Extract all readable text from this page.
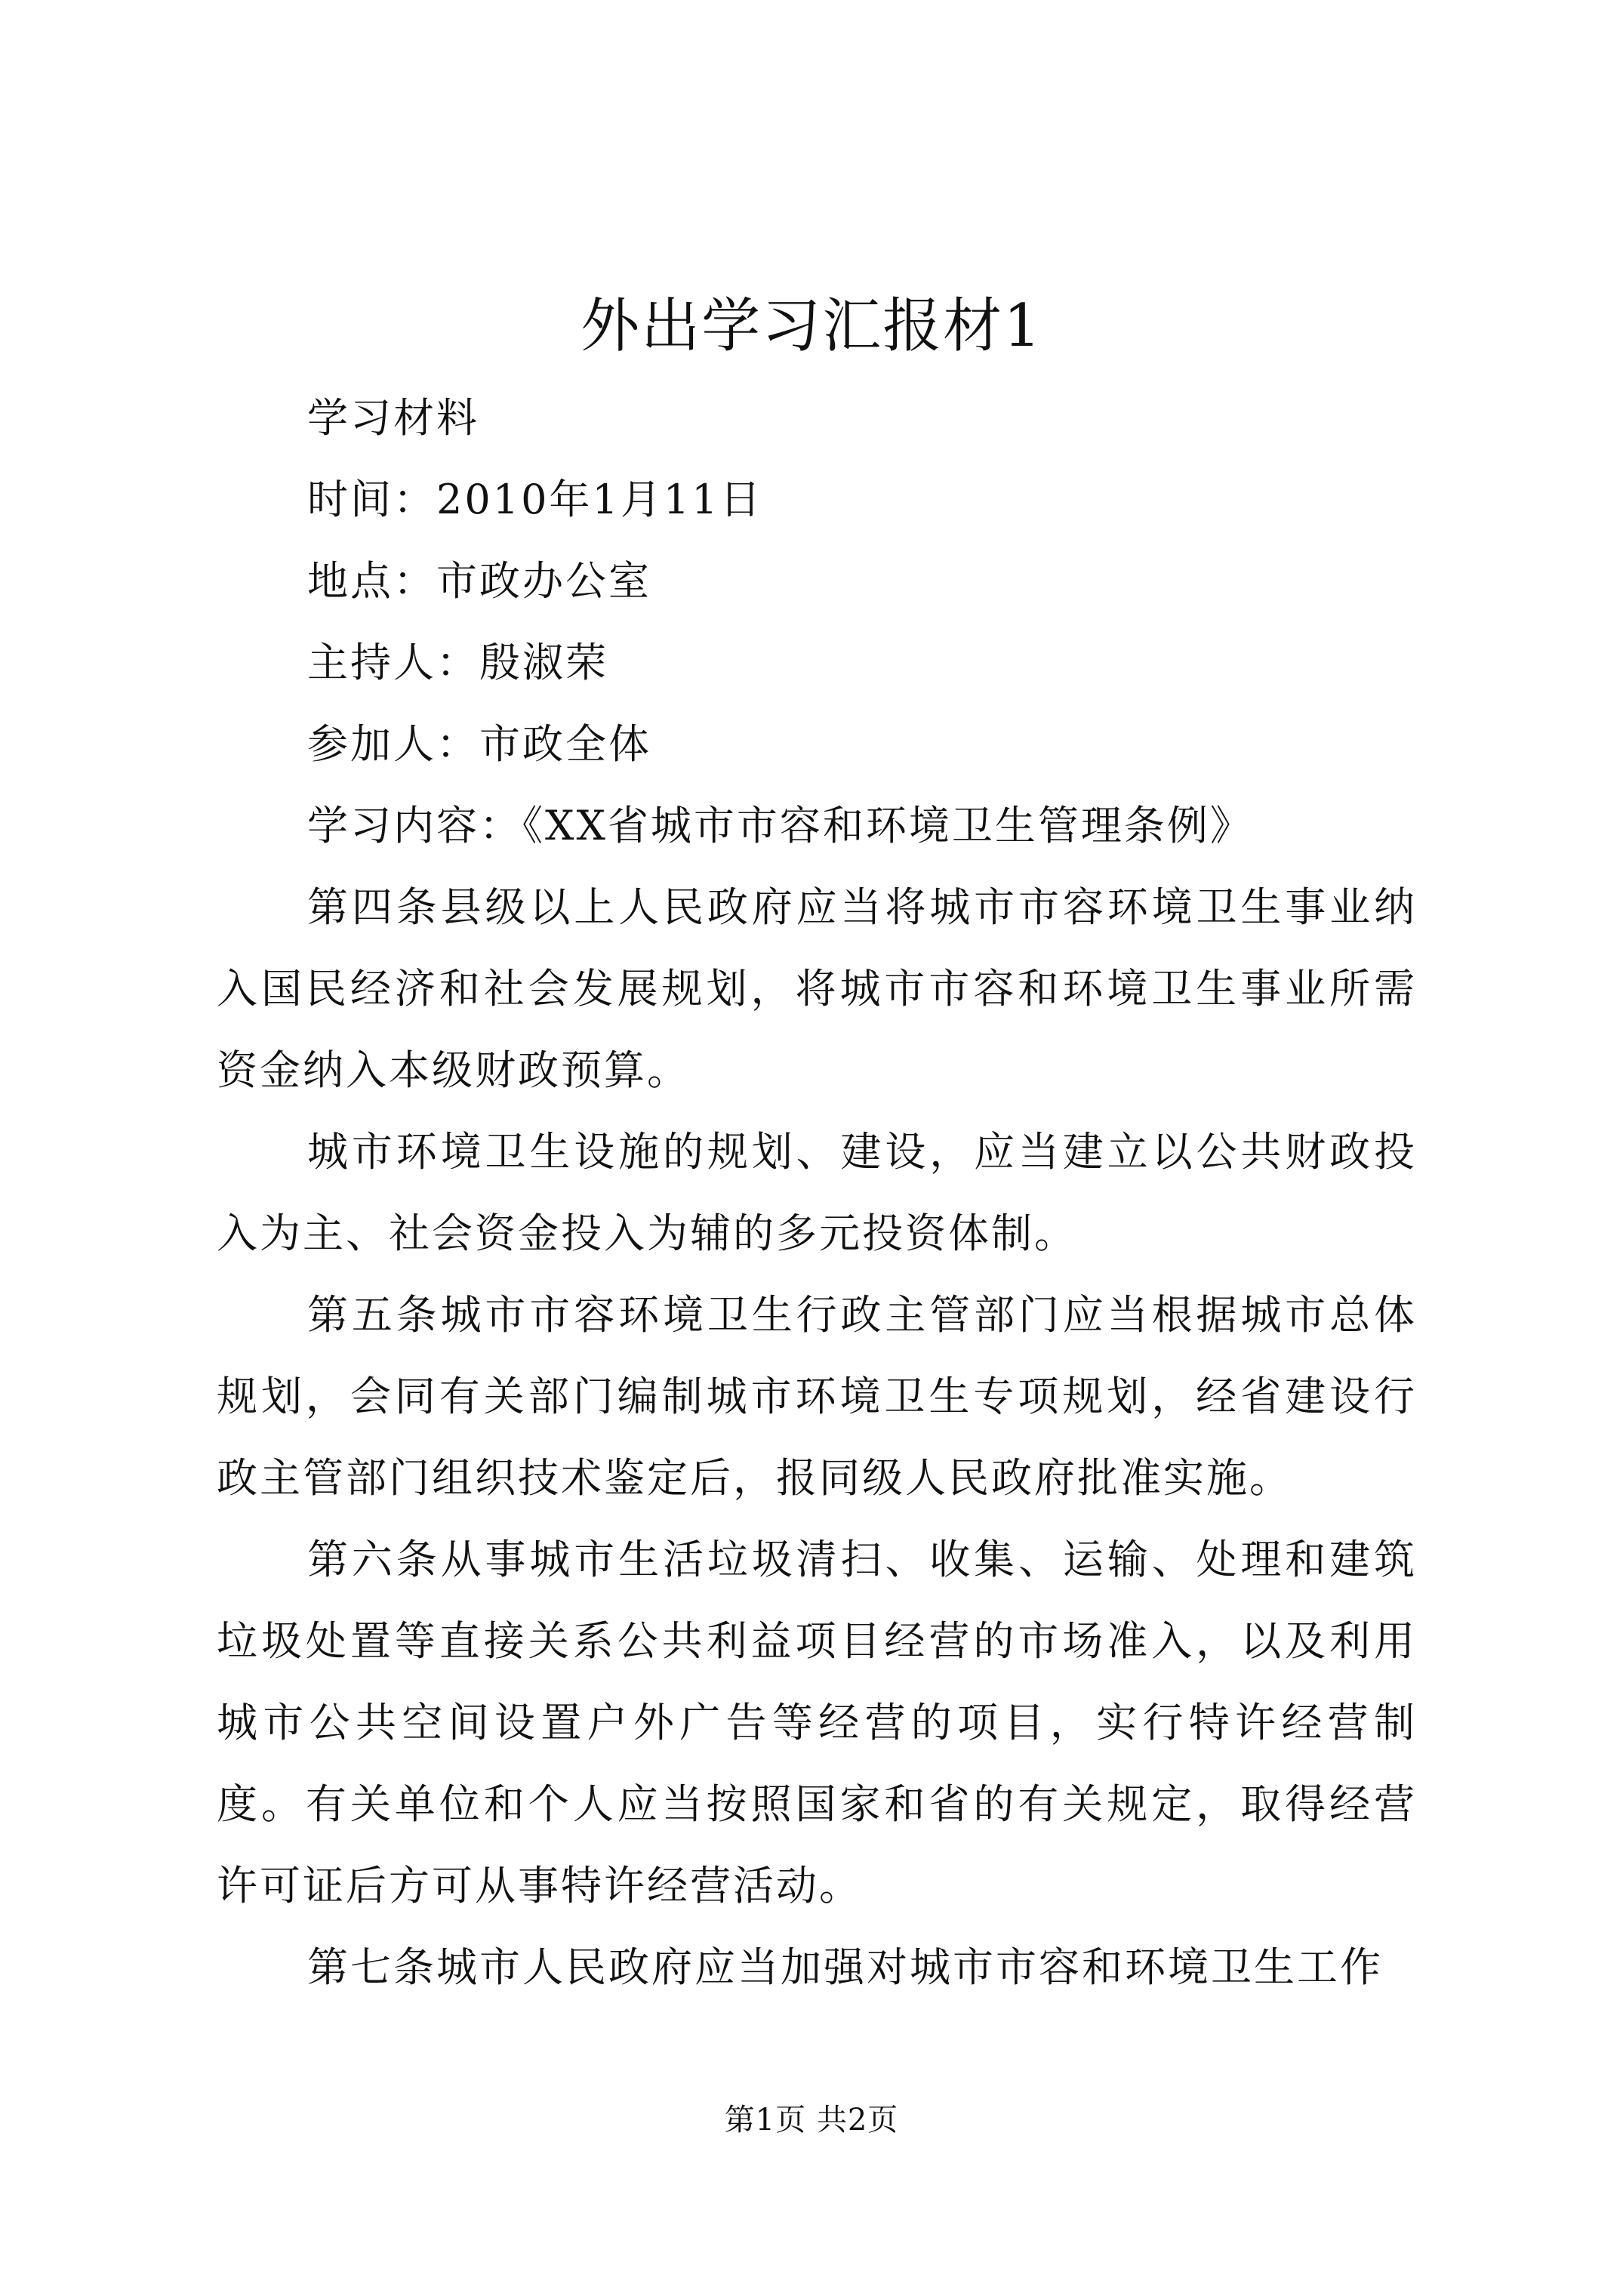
外出学习汇报材1

学习材料

时间：2010年1月11日

地点：市政办公室

主持人：殷淑荣

参加人：市政全体

学习内容：《XX省城市市容和环境卫生管理条例》

第四条县级以上人民政府应当将城市市容环境卫生事业纳入国民经济和社会发展规划，将城市市容和环境卫生事业所需资金纳入本级财政预算。

城市环境卫生设施的规划、建设，应当建立以公共财政投入为主、社会资金投入为辅的多元投资体制。

第五条城市市容环境卫生行政主管部门应当根据城市总体规划，会同有关部门编制城市环境卫生专项规划，经省建设行政主管部门组织技术鉴定后，报同级人民政府批准实施。

第六条从事城市生活垃圾清扫、收集、运输、处理和建筑垃圾处置等直接关系公共利益项目经营的市场准入，以及利用城市公共空间设置户外广告等经营的项目，实行特许经营制度。有关单位和个人应当按照国家和省的有关规定，取得经营许可证后方可从事特许经营活动。

第七条城市人民政府应当加强对城市市容和环境卫生工作

第1页 共2页
